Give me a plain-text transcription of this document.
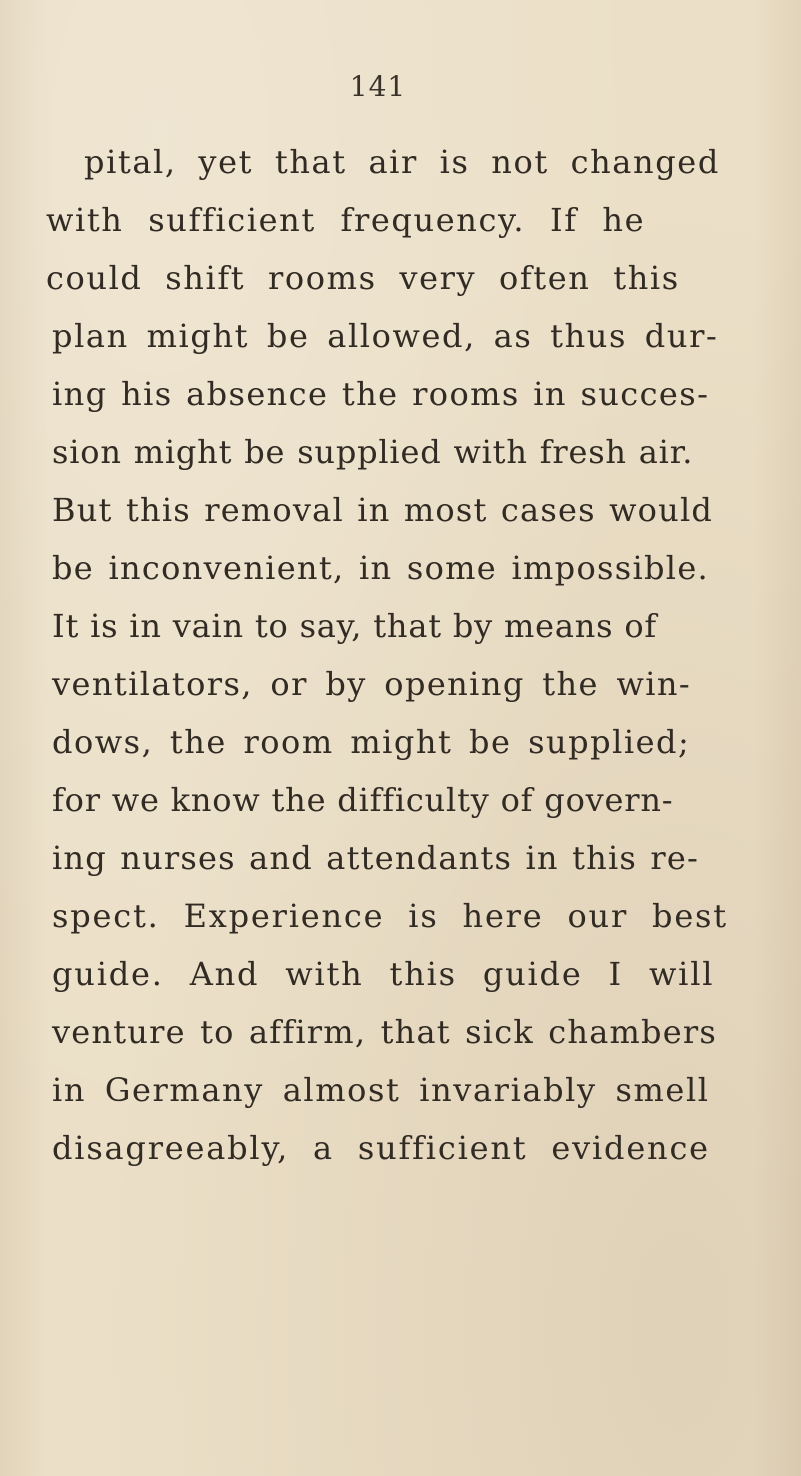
141
pital, yet that air is not changed
with sufficient frequency. If he
could shift rooms very often this
plan might be allowed, as thus dur-
ing his absence the rooms in succes-
sion might be supplied with fresh air.
But this removal in most cases would
be inconvenient, in some impossible.
It is in vain to say, that by means of
ventilators, or by opening the win-
dows, the room might be supplied;
for we know the difficulty of govern-
ing nurses and attendants in this re-
spect. Experience is here our best
guide. And with this guide I will
venture to affirm, that sick chambers
in Germany almost invariably smell
disagreeably, a sufficient evidence
